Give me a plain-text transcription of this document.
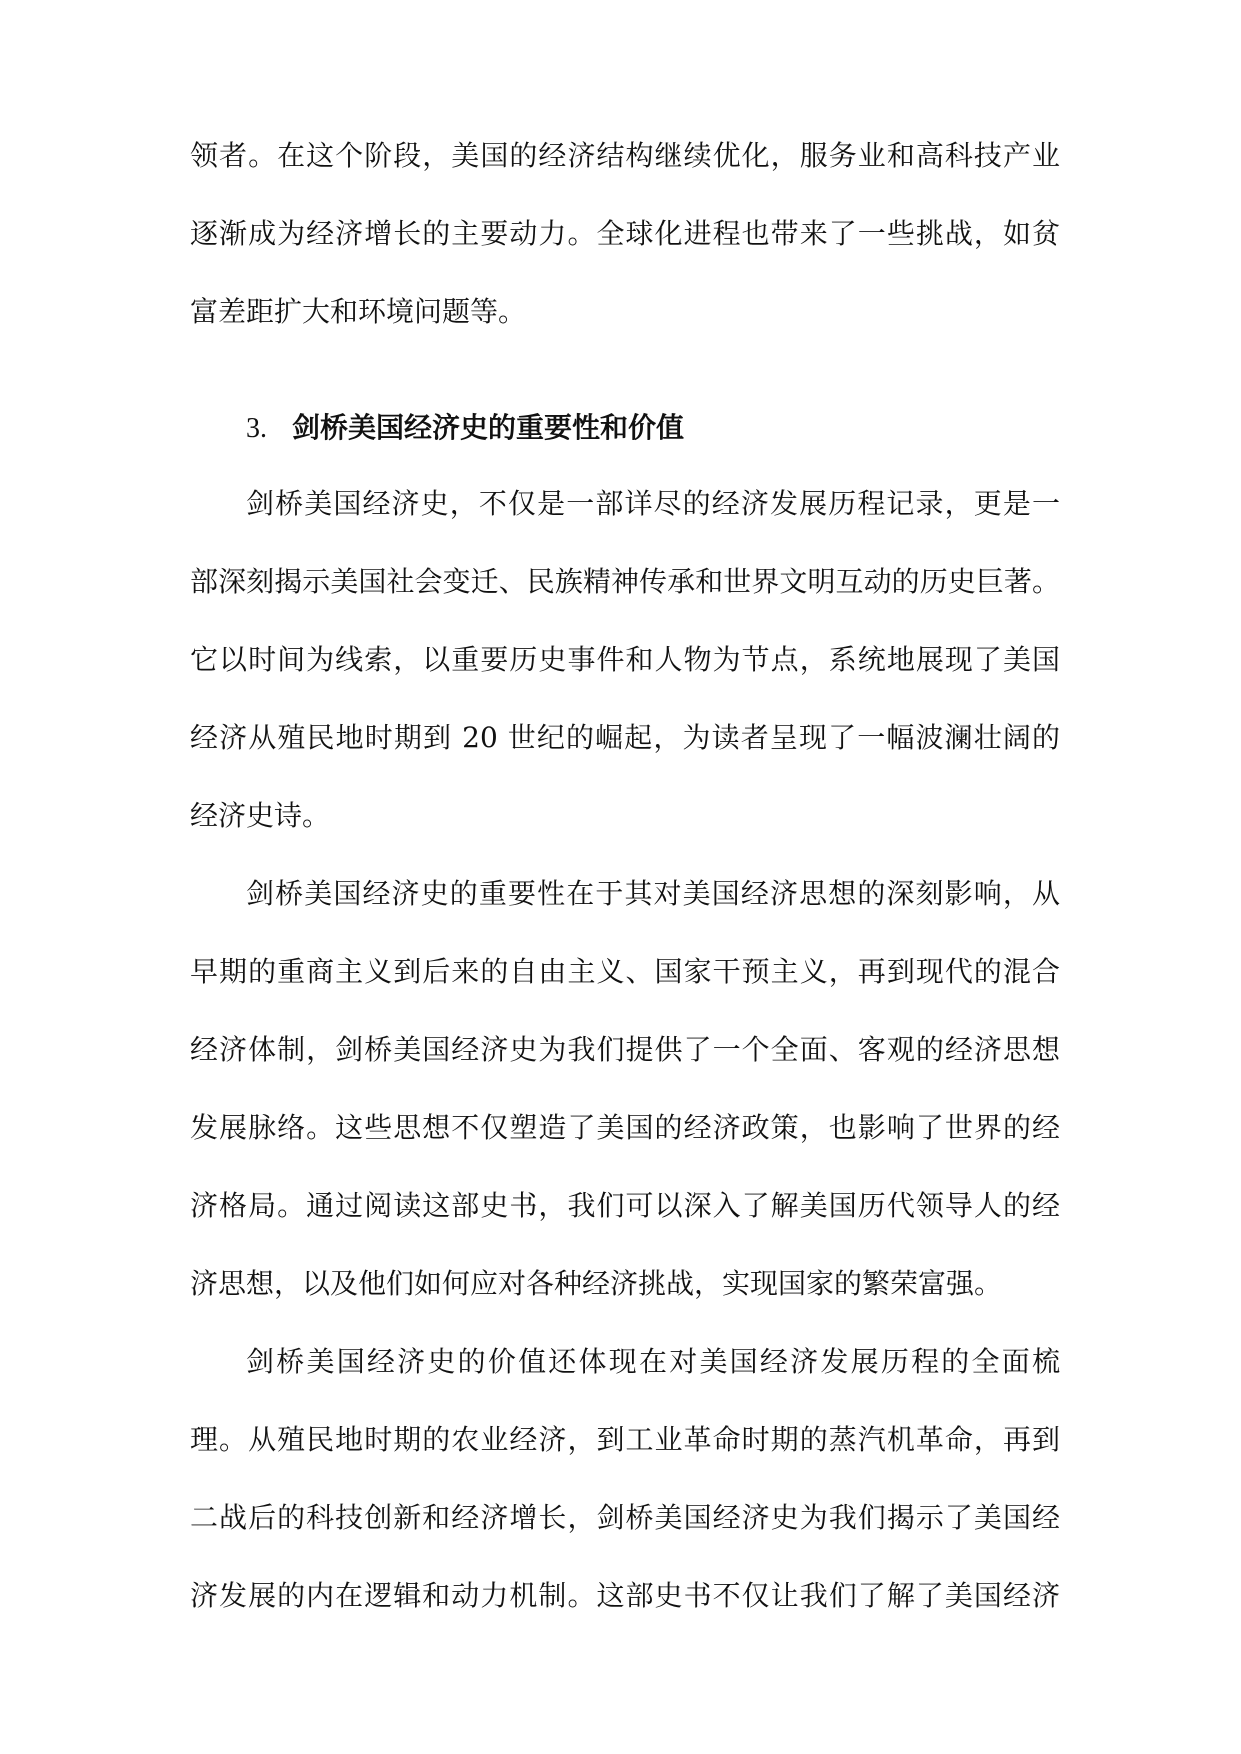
领者。在这个阶段，美国的经济结构继续优化，服务业和高科技产业
逐渐成为经济增长的主要动力。全球化进程也带来了一些挑战，如贫
富差距扩大和环境问题等。
3. 剑桥美国经济史的重要性和价值
剑桥美国经济史，不仅是一部详尽的经济发展历程记录，更是一
部深刻揭示美国社会变迁、民族精神传承和世界文明互动的历史巨著。
它以时间为线索，以重要历史事件和人物为节点，系统地展现了美国
经济从殖民地时期到 20 世纪的崛起，为读者呈现了一幅波澜壮阔的
经济史诗。
剑桥美国经济史的重要性在于其对美国经济思想的深刻影响，从
早期的重商主义到后来的自由主义、国家干预主义，再到现代的混合
经济体制，剑桥美国经济史为我们提供了一个全面、客观的经济思想
发展脉络。这些思想不仅塑造了美国的经济政策，也影响了世界的经
济格局。通过阅读这部史书，我们可以深入了解美国历代领导人的经
济思想，以及他们如何应对各种经济挑战，实现国家的繁荣富强。
剑桥美国经济史的价值还体现在对美国经济发展历程的全面梳
理。从殖民地时期的农业经济，到工业革命时期的蒸汽机革命，再到
二战后的科技创新和经济增长，剑桥美国经济史为我们揭示了美国经
济发展的内在逻辑和动力机制。这部史书不仅让我们了解了美国经济
